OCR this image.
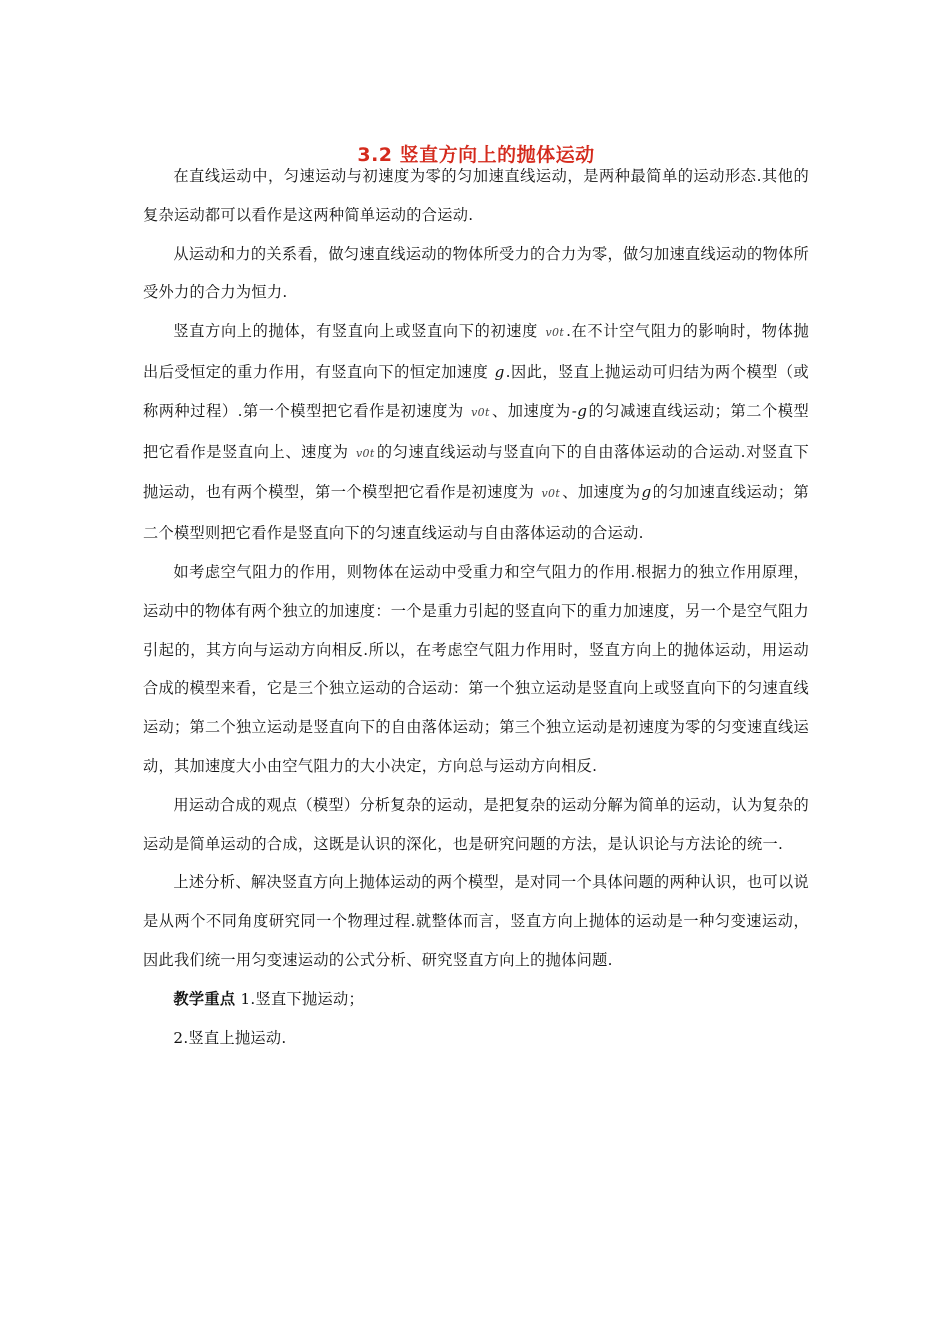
3.2 竖直方向上的抛体运动

在直线运动中，匀速运动与初速度为零的匀加速直线运动，是两种最简单的运动形态.其他的复杂运动都可以看作是这两种简单运动的合运动.

从运动和力的关系看，做匀速直线运动的物体所受力的合力为零，做匀加速直线运动的物体所受外力的合力为恒力.

竖直方向上的抛体，有竖直向上或竖直向下的初速度 v0t .在不计空气阻力的影响时，物体抛出后受恒定的重力作用，有竖直向下的恒定加速度 g.因此，竖直上抛运动可归结为两个模型（或称两种过程）.第一个模型把它看作是初速度为 v0t 、加速度为-g的匀减速直线运动；第二个模型把它看作是竖直向上、速度为 v0t 的匀速直线运动与竖直向下的自由落体运动的合运动.对竖直下抛运动，也有两个模型，第一个模型把它看作是初速度为 v0t 、加速度为g的匀加速直线运动；第二个模型则把它看作是竖直向下的匀速直线运动与自由落体运动的合运动.

如考虑空气阻力的作用，则物体在运动中受重力和空气阻力的作用.根据力的独立作用原理，运动中的物体有两个独立的加速度：一个是重力引起的竖直向下的重力加速度，另一个是空气阻力引起的，其方向与运动方向相反.所以，在考虑空气阻力作用时，竖直方向上的抛体运动，用运动合成的模型来看，它是三个独立运动的合运动：第一个独立运动是竖直向上或竖直向下的匀速直线运动；第二个独立运动是竖直向下的自由落体运动；第三个独立运动是初速度为零的匀变速直线运动，其加速度大小由空气阻力的大小决定，方向总与运动方向相反.

用运动合成的观点（模型）分析复杂的运动，是把复杂的运动分解为简单的运动，认为复杂的运动是简单运动的合成，这既是认识的深化，也是研究问题的方法，是认识论与方法论的统一.

上述分析、解决竖直方向上抛体运动的两个模型，是对同一个具体问题的两种认识，也可以说是从两个不同角度研究同一个物理过程.就整体而言，竖直方向上抛体的运动是一种匀变速运动，因此我们统一用匀变速运动的公式分析、研究竖直方向上的抛体问题.

教学重点 1.竖直下抛运动；

2.竖直上抛运动.
